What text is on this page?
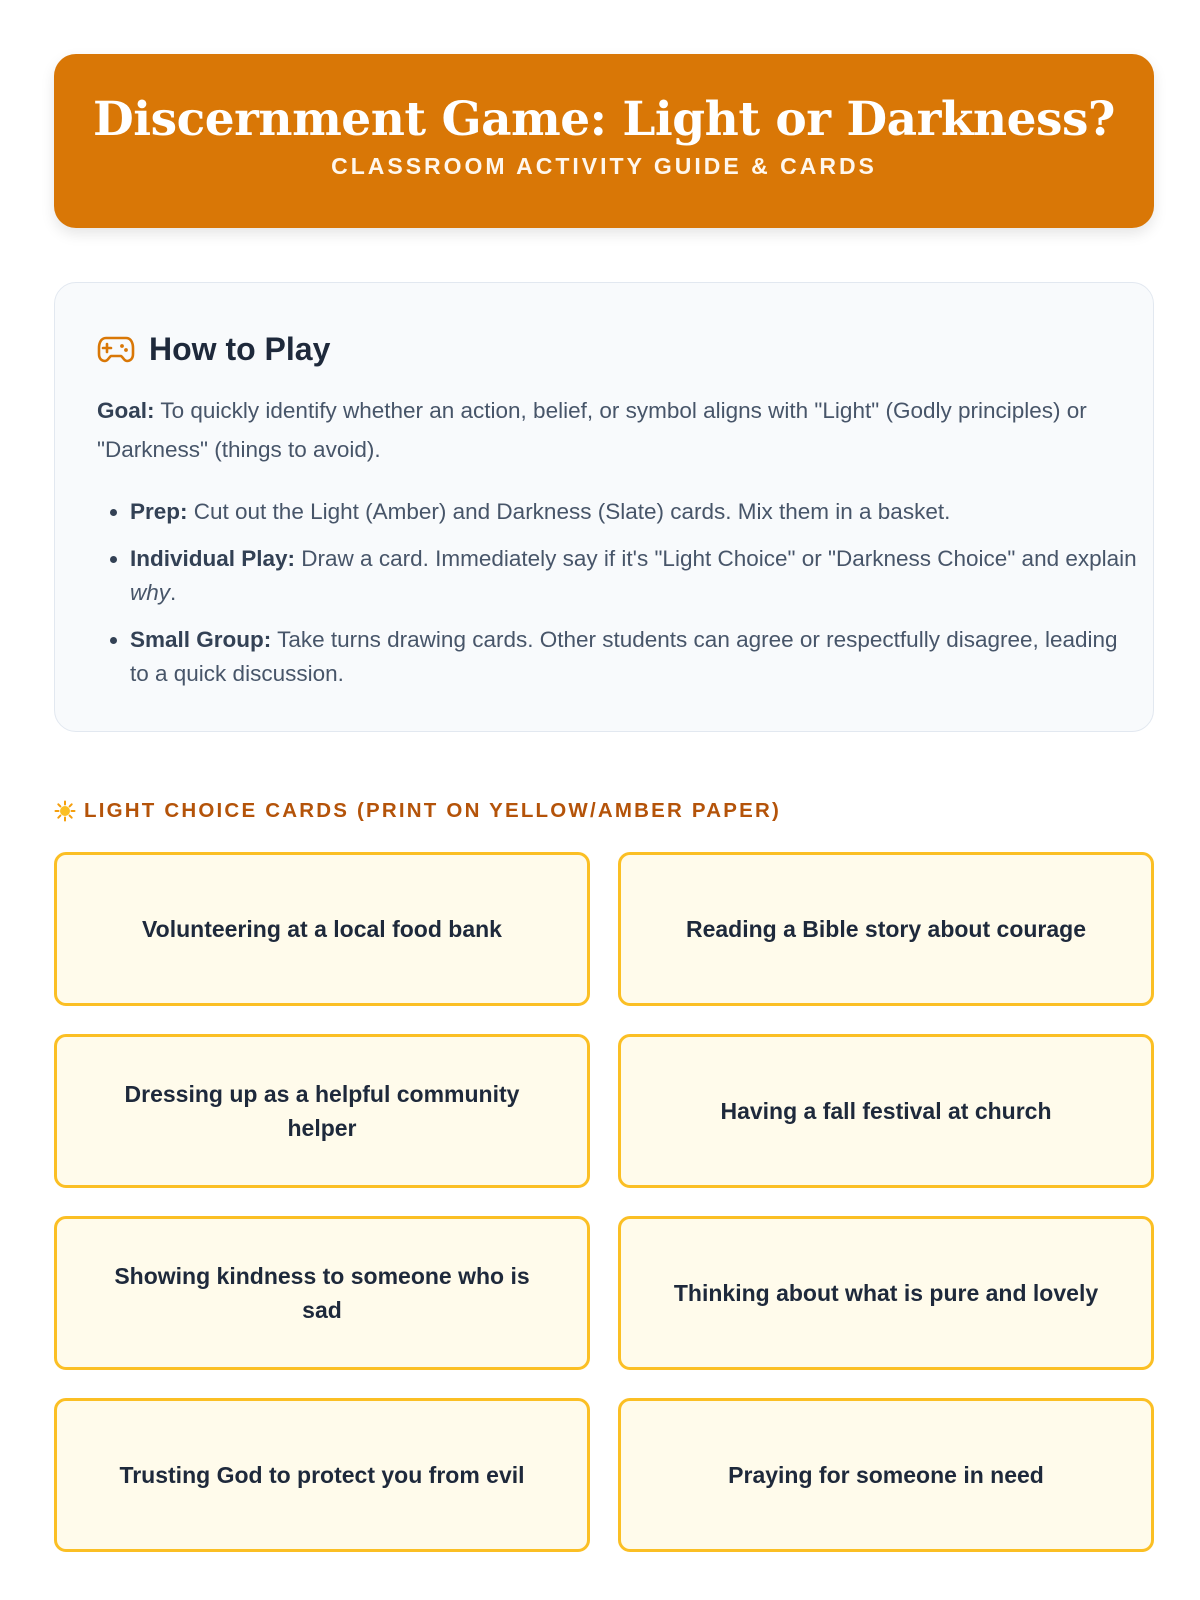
Discernment Game: Light or Darkness?
CLASSROOM ACTIVITY GUIDE & CARDS
How to Play

Goal: To quickly identify whether an action, belief, or symbol aligns with "Light" (Godly principles) or "Darkness" (things to avoid).

• Prep: Cut out the Light (Amber) and Darkness (Slate) cards. Mix them in a basket.
• Individual Play: Draw a card. Immediately say if it's "Light Choice" or "Darkness Choice" and explain why.
• Small Group: Take turns drawing cards. Other students can agree or respectfully disagree, leading to a quick discussion.
LIGHT CHOICE CARDS (PRINT ON YELLOW/AMBER PAPER)
Volunteering at a local food bank	Reading a Bible story about courage
Dressing up as a helpful community helper
Having a fall festival at church
Showing kindness to someone who is sad
Thinking about what is pure and lovely
Trusting God to protect you from evil	Praying for someone in need
